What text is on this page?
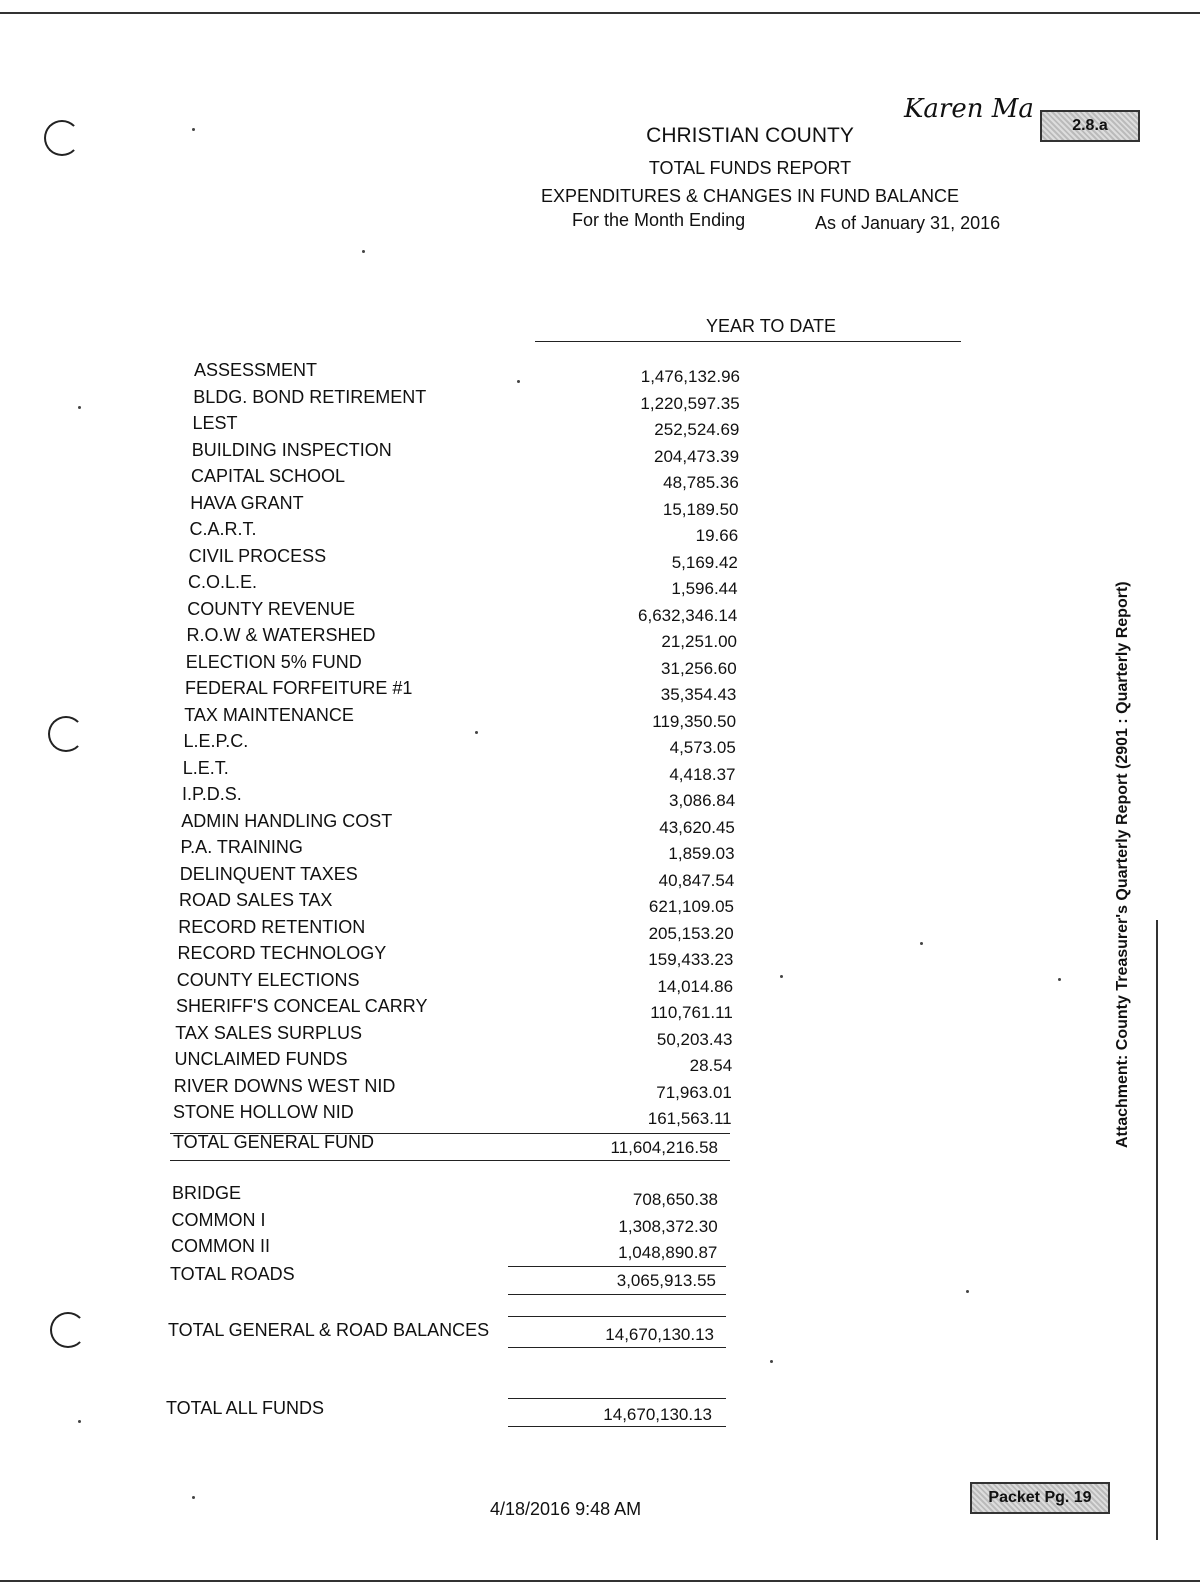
Karen Ma
2.8.a
CHRISTIAN COUNTY
TOTAL FUNDS REPORT
EXPENDITURES & CHANGES IN FUND BALANCE
For the Month Ending	As of January 31, 2016
YEAR TO DATE
ASSESSMENT	1,476,132.96
BLDG. BOND RETIREMENT	1,220,597.35
LEST	252,524.69
BUILDING INSPECTION	204,473.39
CAPITAL SCHOOL	48,785.36
HAVA GRANT	15,189.50
C.A.R.T.	19.66
CIVIL PROCESS	5,169.42
C.O.L.E.	1,596.44
COUNTY REVENUE	6,632,346.14
R.O.W & WATERSHED	21,251.00
ELECTION 5% FUND	31,256.60
FEDERAL FORFEITURE #1	35,354.43
TAX MAINTENANCE	119,350.50
L.E.P.C.	4,573.05
L.E.T.	4,418.37
I.P.D.S.	3,086.84
ADMIN HANDLING COST	43,620.45
P.A. TRAINING	1,859.03
DELINQUENT TAXES	40,847.54
ROAD SALES TAX	621,109.05
RECORD RETENTION	205,153.20
RECORD TECHNOLOGY	159,433.23
COUNTY ELECTIONS	14,014.86
SHERIFF'S CONCEAL CARRY	110,761.11
TAX SALES SURPLUS	50,203.43
UNCLAIMED FUNDS	28.54
RIVER DOWNS WEST NID	71,963.01
STONE HOLLOW NID	161,563.11
TOTAL GENERAL FUND	11,604,216.58
BRIDGE	708,650.38
COMMON I	1,308,372.30
COMMON II	1,048,890.87
TOTAL ROADS	3,065,913.55
TOTAL GENERAL & ROAD BALANCES	14,670,130.13
TOTAL ALL FUNDS	14,670,130.13
4/18/2016 9:48 AM
Packet Pg. 19
Attachment: County Treasurer's Quarterly Report (2901 : Quarterly Report)
